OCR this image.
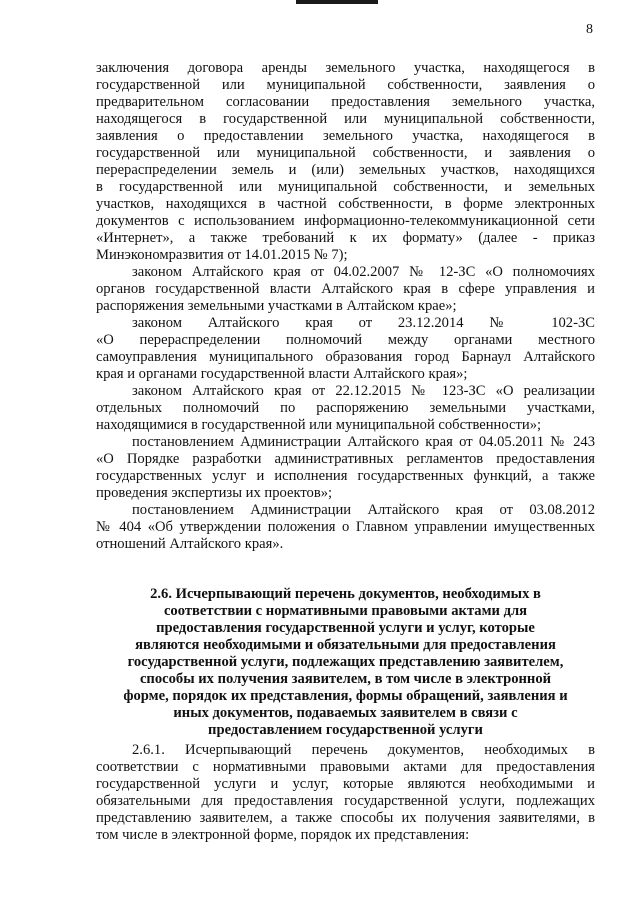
8
заключения договора аренды земельного участка, находящегося в
государственной или муниципальной собственности, заявления о
предварительном согласовании предоставления земельного участка,
находящегося в государственной или муниципальной собственности,
заявления о предоставлении земельного участка, находящегося в
государственной или муниципальной собственности, и заявления о
перераспределении земель и (или) земельных участков, находящихся
в государственной или муниципальной собственности, и земельных
участков, находящихся в частной собственности, в форме электронных
документов с использованием информационно-телекоммуникационной сети
«Интернет», а также требований к их формату» (далее - приказ
Минэкономразвития от 14.01.2015 № 7);
законом Алтайского края от 04.02.2007 № 12-ЗС «О полномочиях
органов государственной власти Алтайского края в сфере управления и
распоряжения земельными участками в Алтайском крае»;
законом Алтайского края от 23.12.2014 № 102-ЗС
«О перераспределении полномочий между органами местного
самоуправления муниципального образования город Барнаул Алтайского
края и органами государственной власти Алтайского края»;
законом Алтайского края от 22.12.2015 № 123-ЗС «О реализации
отдельных полномочий по распоряжению земельными участками,
находящимися в государственной или муниципальной собственности»;
постановлением Администрации Алтайского края от 04.05.2011 № 243
«О Порядке разработки административных регламентов предоставления
государственных услуг и исполнения государственных функций, а также
проведения экспертизы их проектов»;
постановлением Администрации Алтайского края от 03.08.2012
№ 404 «Об утверждении положения о Главном управлении имущественных
отношений Алтайского края».
2.6. Исчерпывающий перечень документов, необходимых в
соответствии с нормативными правовыми актами для
предоставления государственной услуги и услуг, которые
являются необходимыми и обязательными для предоставления
государственной услуги, подлежащих представлению заявителем,
способы их получения заявителем, в том числе в электронной
форме, порядок их представления, формы обращений, заявления и
иных документов, подаваемых заявителем в связи с
предоставлением государственной услуги
2.6.1. Исчерпывающий перечень документов, необходимых в
соответствии с нормативными правовыми актами для предоставления
государственной услуги и услуг, которые являются необходимыми и
обязательными для предоставления государственной услуги, подлежащих
представлению заявителем, а также способы их получения заявителями, в
том числе в электронной форме, порядок их представления:
